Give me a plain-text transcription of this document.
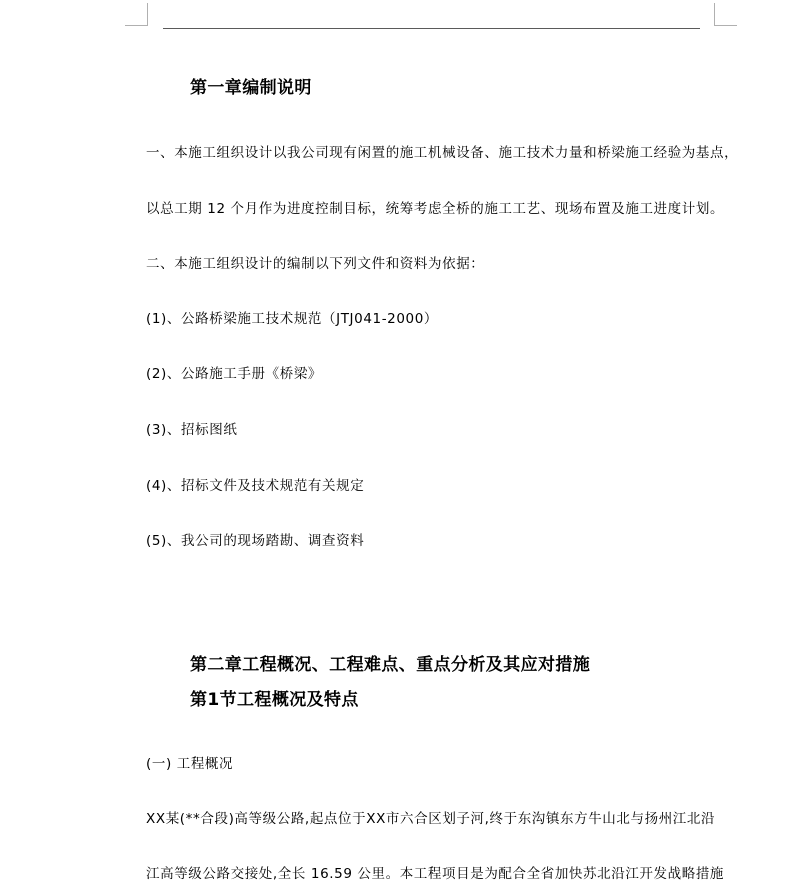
第一章编制说明
一、本施工组织设计以我公司现有闲置的施工机械设备、施工技术力量和桥梁施工经验为基点，
以总工期 12 个月作为进度控制目标，统筹考虑全桥的施工工艺、现场布置及施工进度计划。
二、本施工组织设计的编制以下列文件和资料为依据：
(1)、公路桥梁施工技术规范（JTJ041-2000）
(2)、公路施工手册《桥梁》
(3)、招标图纸
(4)、招标文件及技术规范有关规定
(5)、我公司的现场踏勘、调查资料
第二章工程概况、工程难点、重点分析及其应对措施
第1节工程概况及特点
(一) 工程概况
XX某(**合段)高等级公路,起点位于XX市六合区划子河,终于东沟镇东方牛山北与扬州江北沿
江高等级公路交接处,全长 16.59 公里。本工程项目是为配合全省加快苏北沿江开发战略措施
